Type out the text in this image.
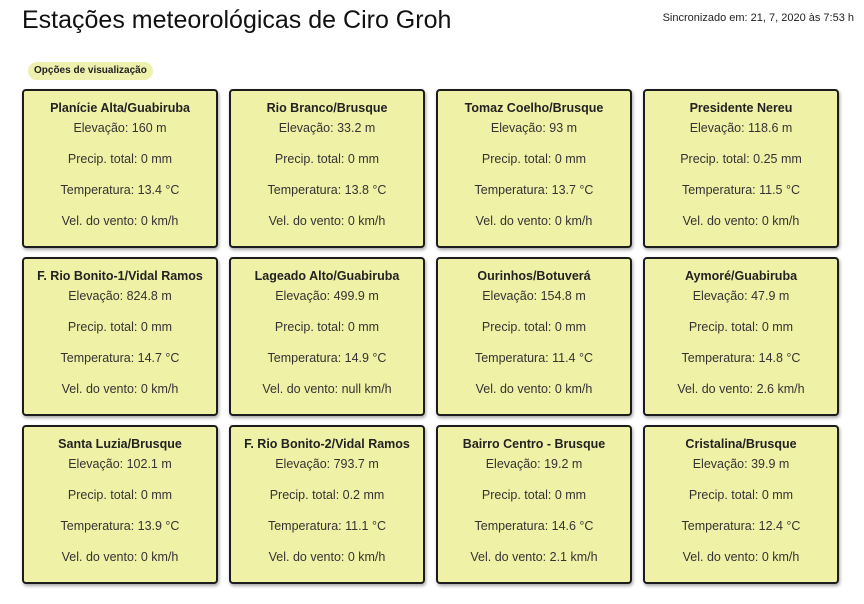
Estações meteorológicas de Ciro Groh	Sincronizado em: 21, 7, 2020 às 7:53 h
Opções de visualização
Planície Alta/Guabiruba
Elevação: 160 m
Precip. total: 0 mm
Temperatura: 13.4 °C
Vel. do vento: 0 km/h
Rio Branco/Brusque
Elevação: 33.2 m
Precip. total: 0 mm
Temperatura: 13.8 °C
Vel. do vento: 0 km/h
Tomaz Coelho/Brusque
Elevação: 93 m
Precip. total: 0 mm
Temperatura: 13.7 °C
Vel. do vento: 0 km/h
Presidente Nereu
Elevação: 118.6 m
Precip. total: 0.25 mm
Temperatura: 11.5 °C
Vel. do vento: 0 km/h
F. Rio Bonito-1/Vidal Ramos
Elevação: 824.8 m
Precip. total: 0 mm
Temperatura: 14.7 °C
Vel. do vento: 0 km/h
Lageado Alto/Guabiruba
Elevação: 499.9 m
Precip. total: 0 mm
Temperatura: 14.9 °C
Vel. do vento: null km/h
Ourinhos/Botuverá
Elevação: 154.8 m
Precip. total: 0 mm
Temperatura: 11.4 °C
Vel. do vento: 0 km/h
Aymoré/Guabiruba
Elevação: 47.9 m
Precip. total: 0 mm
Temperatura: 14.8 °C
Vel. do vento: 2.6 km/h
Santa Luzia/Brusque
Elevação: 102.1 m
Precip. total: 0 mm
Temperatura: 13.9 °C
Vel. do vento: 0 km/h
F. Rio Bonito-2/Vidal Ramos
Elevação: 793.7 m
Precip. total: 0.2 mm
Temperatura: 11.1 °C
Vel. do vento: 0 km/h
Bairro Centro - Brusque
Elevação: 19.2 m
Precip. total: 0 mm
Temperatura: 14.6 °C
Vel. do vento: 2.1 km/h
Cristalina/Brusque
Elevação: 39.9 m
Precip. total: 0 mm
Temperatura: 12.4 °C
Vel. do vento: 0 km/h
